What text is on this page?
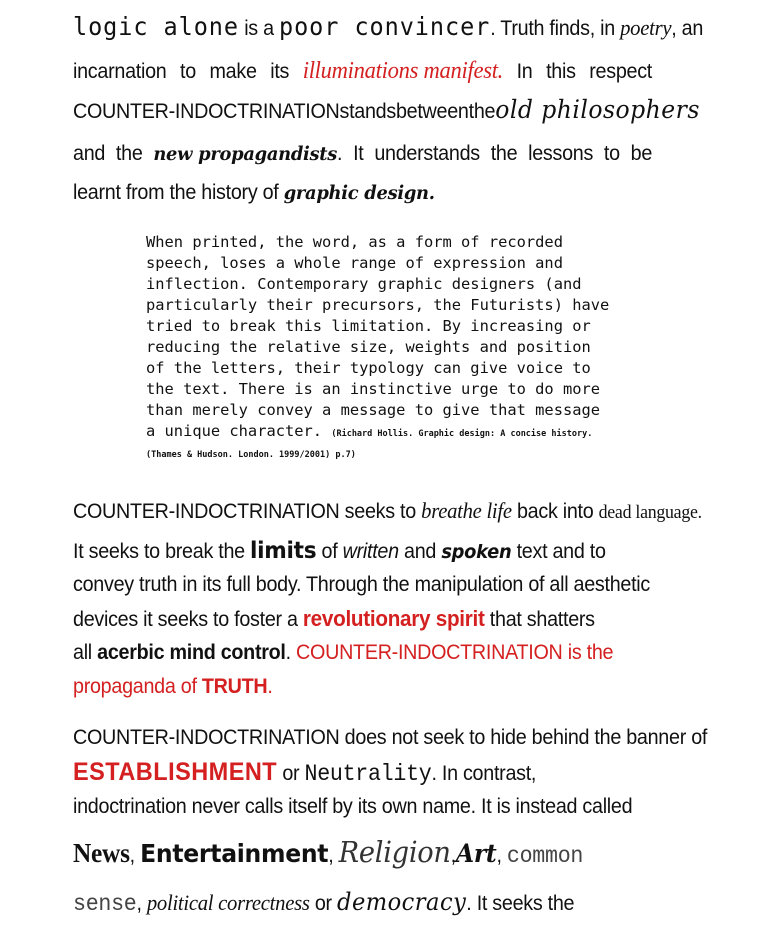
logic alone is a poor convincer. Truth finds, in poetry, an
incarnation to make its illuminations manifest. In this respect
COUNTER-INDOCTRINATION stands between the old philosophers
and the new propagandists. It understands the lessons to be
learnt from the history of graphic design.

When printed, the word, as a form of recorded speech, loses a whole range of expression and inflection. Contemporary graphic designers (and particularly their precursors, the Futurists) have tried to break this limitation. By increasing or reducing the relative size, weights and position of the letters, their typology can give voice to the text. There is an instinctive urge to do more than merely convey a message to give that message a unique character. (Richard Hollis. Graphic design: A concise history.(Thames & Hudson. London. 1999/2001) p.7)

COUNTER-INDOCTRINATION seeks to breathe life back into dead language.
It seeks to break the limits of written and spoken text and to
convey truth in its full body. Through the manipulation of all aesthetic
devices it seeks to foster a revolutionary spirit that shatters
all acerbic mind control. COUNTER-INDOCTRINATION is the
propaganda of TRUTH.
COUNTER-INDOCTRINATION does not seek to hide behind the banner of
ESTABLISHMENT or Neutrality. In contrast,
indoctrination never calls itself by its own name. It is instead called
News, Entertainment, Religion,Art, common
sense, political correctness or democracy. It seeks the
